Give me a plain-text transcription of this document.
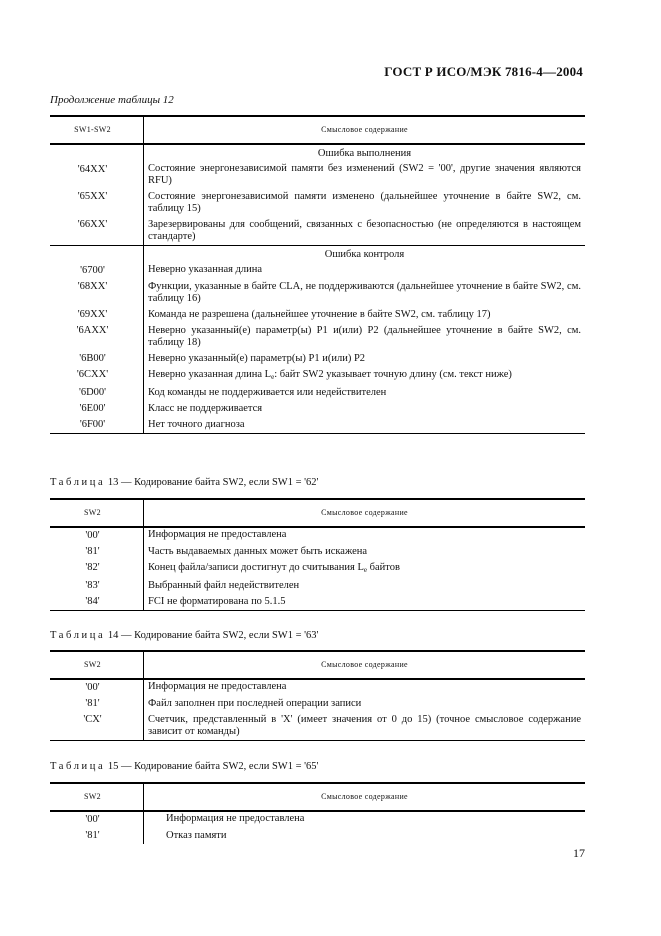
ГОСТ Р ИСО/МЭК 7816-4—2004
Продолжение таблицы 12
SW1-SW2	Смысловое содержание
	Ошибка выполнения
'64XX'	Состояние энергонезависимой памяти без изменений (SW2 = '00', другие значения являются RFU)
'65XX'	Состояние энергонезависимой памяти изменено (дальнейшее уточнение в байте SW2, см. таблицу 15)
'66XX'	Зарезервированы для сообщений, связанных с безопасностью (не определяются в настоящем стандарте)
	Ошибка контроля
'6700'	Неверно указанная длина
'68XX'	Функции, указанные в байте CLA, не поддерживаются (дальнейшее уточнение в байте SW2, см. таблицу 16)
'69XX'	Команда не разрешена (дальнейшее уточнение в байте SW2, см. таблицу 17)
'6AXX'	Неверно указанный(е) параметр(ы) P1 и(или) P2 (дальнейшее уточнение в байте SW2, см. таблицу 18)
'6B00'	Неверно указанный(е) параметр(ы) P1 и(или) P2
'6CXX'	Неверно указанная длина $L_e$: байт SW2 указывает точную длину (см. текст ниже)
'6D00'	Код команды не поддерживается или недействителен
'6E00'	Класс не поддерживается
'6F00'	Нет точного диагноза
Таблица 13 — Кодирование байта SW2, если SW1 = '62'
SW2	Смысловое содержание
'00'	Информация не предоставлена
'81'	Часть выдаваемых данных может быть искажена
'82'	Конец файла/записи достигнут до считывания $L_e$ байтов
'83'	Выбранный файл недействителен
'84'	FCI не форматирована по 5.1.5
Таблица 14 — Кодирование байта SW2, если SW1 = '63'
SW2	Смысловое содержание
'00'	Информация не предоставлена
'81'	Файл заполнен при последней операции записи
'CX'	Счетчик, представленный в 'X' (имеет значения от 0 до 15) (точное смысловое содержание зависит от команды)
Таблица 15 — Кодирование байта SW2, если SW1 = '65'
SW2	Смысловое содержание
'00'	Информация не предоставлена
'81'	Отказ памяти
17
